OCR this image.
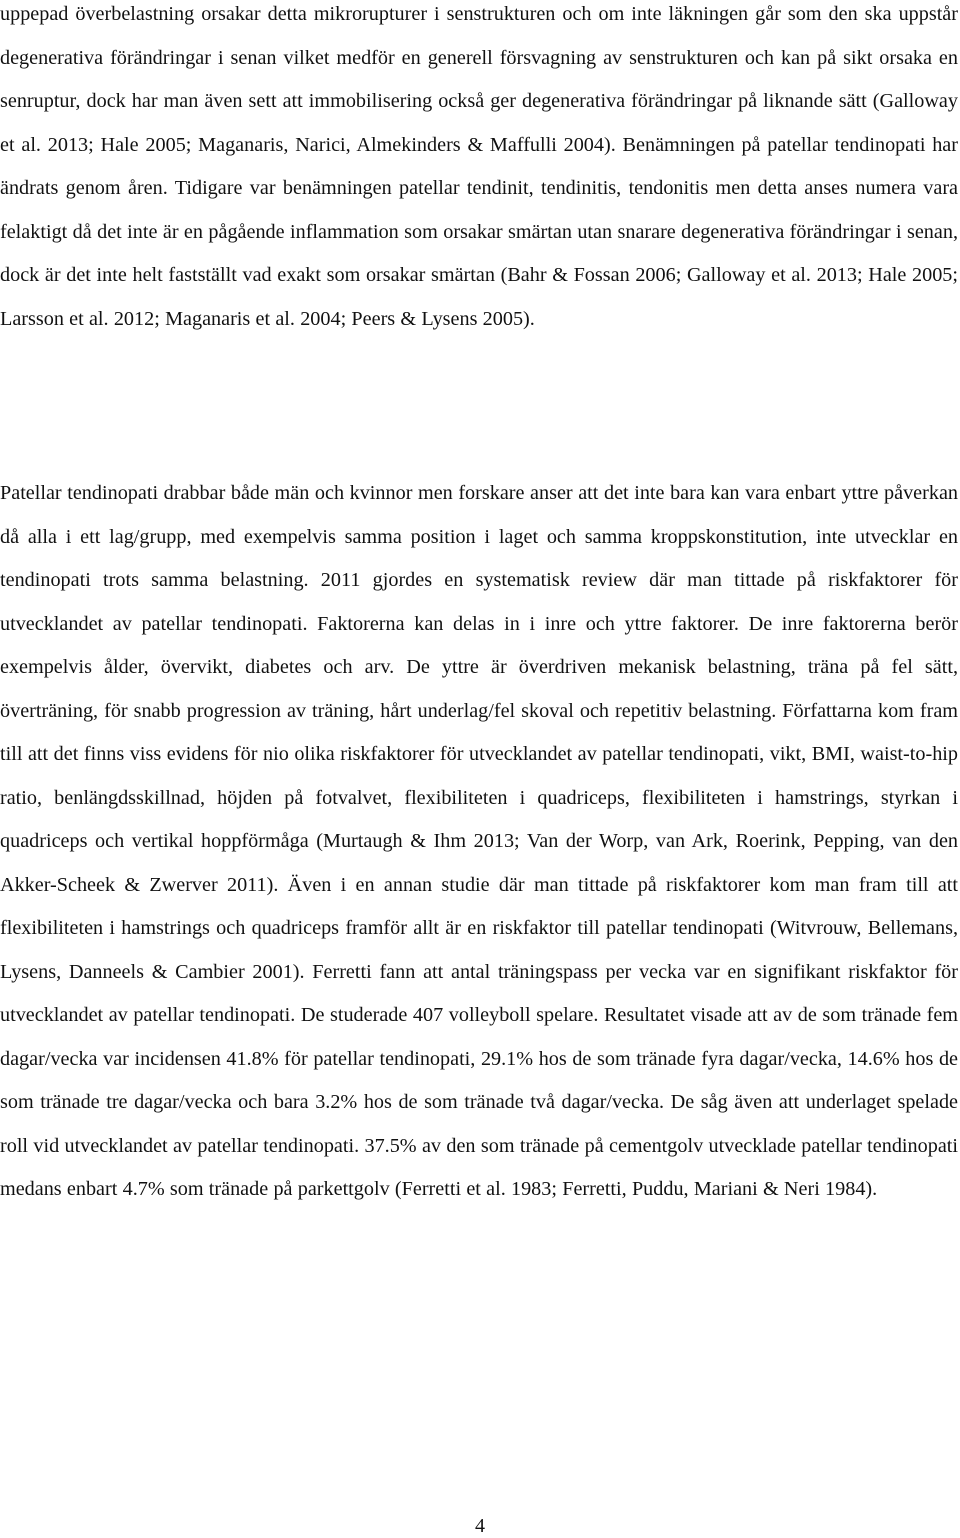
uppepad överbelastning orsakar detta mikrorupturer i senstrukturen och om inte läkningen går som den ska uppstår degenerativa förändringar i senan vilket medför en generell försvagning av senstrukturen och kan på sikt orsaka en senruptur, dock har man även sett att immobilisering också ger degenerativa förändringar på liknande sätt (Galloway et al. 2013; Hale 2005; Maganaris, Narici, Almekinders & Maffulli 2004). Benämningen på patellar tendinopati har ändrats genom åren. Tidigare var benämningen patellar tendinit, tendinitis, tendonitis men detta anses numera vara felaktigt då det inte är en pågående inflammation som orsakar smärtan utan snarare degenerativa förändringar i senan, dock är det inte helt fastställt vad exakt som orsakar smärtan (Bahr & Fossan 2006; Galloway et al. 2013; Hale 2005; Larsson et al. 2012; Maganaris et al. 2004; Peers & Lysens 2005).

Patellar tendinopati drabbar både män och kvinnor men forskare anser att det inte bara kan vara enbart yttre påverkan då alla i ett lag/grupp, med exempelvis samma position i laget och samma kroppskonstitution, inte utvecklar en tendinopati trots samma belastning. 2011 gjordes en systematisk review där man tittade på riskfaktorer för utvecklandet av patellar tendinopati. Faktorerna kan delas in i inre och yttre faktorer. De inre faktorerna berör exempelvis ålder, övervikt, diabetes och arv. De yttre är överdriven mekanisk belastning, träna på fel sätt, överträning, för snabb progression av träning, hårt underlag/fel skoval och repetitiv belastning. Författarna kom fram till att det finns viss evidens för nio olika riskfaktorer för utvecklandet av patellar tendinopati, vikt, BMI, waist-to-hip ratio, benlängdsskillnad, höjden på fotvalvet, flexibiliteten i quadriceps, flexibiliteten i hamstrings, styrkan i quadriceps och vertikal hoppförmåga (Murtaugh & Ihm 2013; Van der Worp, van Ark, Roerink, Pepping, van den Akker-Scheek & Zwerver 2011). Även i en annan studie där man tittade på riskfaktorer kom man fram till att flexibiliteten i hamstrings och quadriceps framför allt är en riskfaktor till patellar tendinopati (Witvrouw, Bellemans, Lysens, Danneels & Cambier 2001). Ferretti fann att antal träningspass per vecka var en signifikant riskfaktor för utvecklandet av patellar tendinopati. De studerade 407 volleyboll spelare. Resultatet visade att av de som tränade fem dagar/vecka var incidensen 41.8% för patellar tendinopati, 29.1% hos de som tränade fyra dagar/vecka, 14.6% hos de som tränade tre dagar/vecka och bara 3.2% hos de som tränade två dagar/vecka. De såg även att underlaget spelade roll vid utvecklandet av patellar tendinopati. 37.5% av den som tränade på cementgolv utvecklade patellar tendinopati medans enbart 4.7% som tränade på parkettgolv (Ferretti et al. 1983; Ferretti, Puddu, Mariani & Neri 1984).

4
